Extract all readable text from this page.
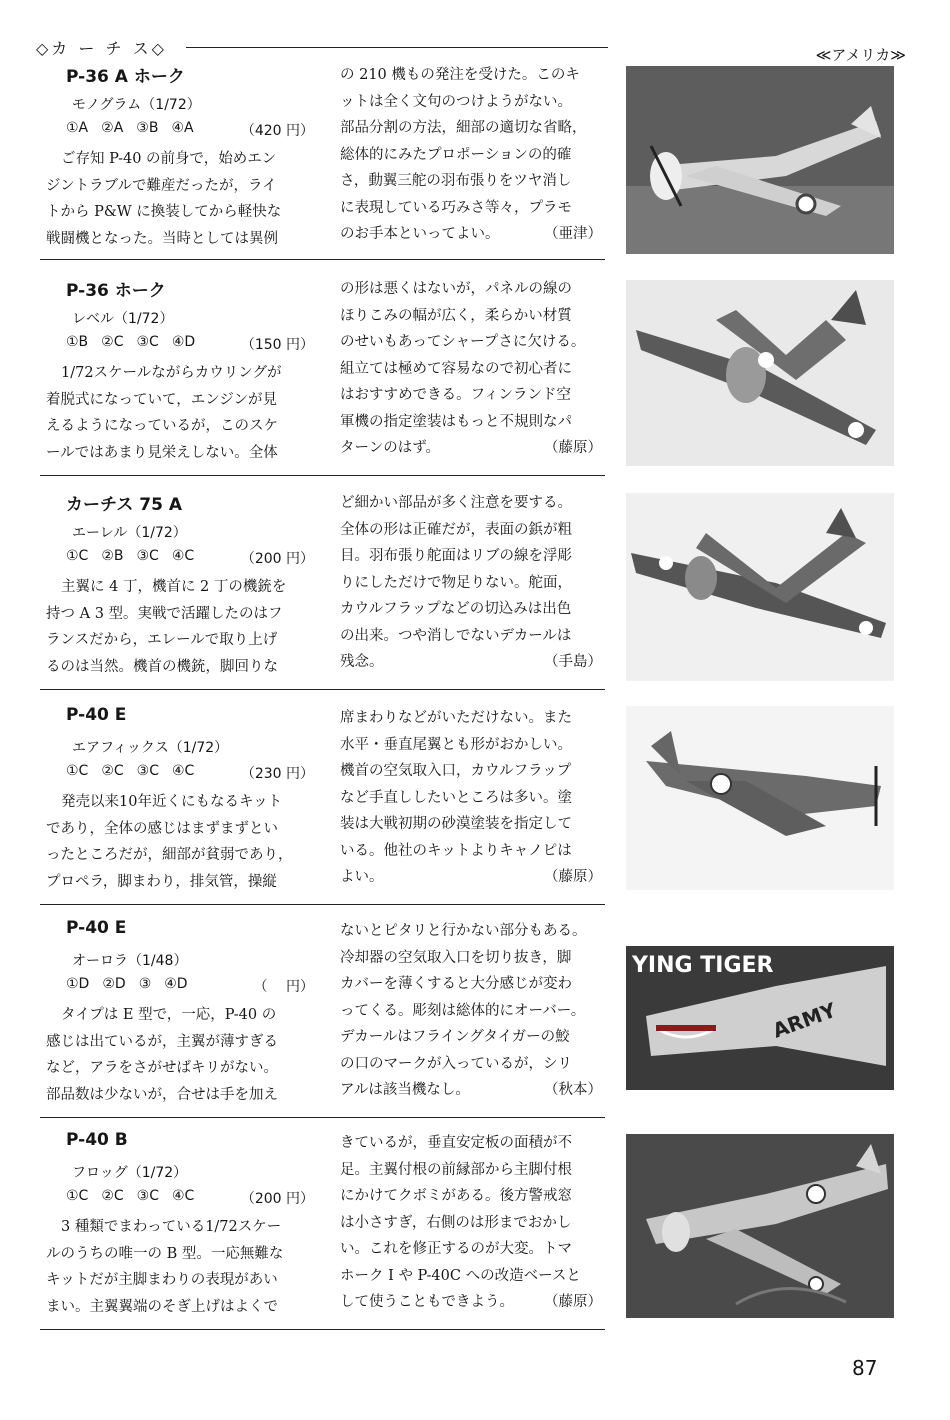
◇カ ー チ ス◇	≪アメリカ≫
P-36 A ホーク
モノグラム（1/72）
①A ②A ③B ④A	（420 円）
ご存知 P-40 の前身で，始めエン
ジントラブルで難産だったが，ライ
トから P&W に換装してから軽快な
戦闘機となった。当時としては異例
の 210 機もの発注を受けた。このキ
ットは全く文句のつけようがない。
部品分割の方法，細部の適切な省略，
総体的にみたプロポーションの的確
さ，動翼三舵の羽布張りをツヤ消し
に表現している巧みさ等々，プラモ
のお手本といってよい。	（亜津）
P-36 ホーク
レベル（1/72）
①B ②C ③C ④D	（150 円）
1/72スケールながらカウリングが
着脱式になっていて，エンジンが見
えるようになっているが，このスケ
ールではあまり見栄えしない。全体
の形は悪くはないが，パネルの線の
ほりこみの幅が広く，柔らかい材質
のせいもあってシャープさに欠ける。
組立ては極めて容易なので初心者に
はおすすめできる。フィンランド空
軍機の指定塗装はもっと不規則なパ
ターンのはず。	（藤原）
カーチス 75 A
エーレル（1/72）
①C ②B ③C ④C	（200 円）
主翼に 4 丁，機首に 2 丁の機銃を
持つ A 3 型。実戦で活躍したのはフ
ランスだから，エレールで取り上げ
るのは当然。機首の機銃，脚回りな
ど細かい部品が多く注意を要する。
全体の形は正確だが，表面の鋲が粗
目。羽布張り舵面はリブの線を浮彫
りにしただけで物足りない。舵面，
カウルフラップなどの切込みは出色
の出来。つや消しでないデカールは
残念。	（手島）
P-40 E
エアフィックス（1/72）
①C ②C ③C ④C	（230 円）
発売以来10年近くにもなるキット
であり，全体の感じはまずまずとい
ったところだが，細部が貧弱であり，
プロペラ，脚まわり，排気管，操縦
席まわりなどがいただけない。また
水平・垂直尾翼とも形がおかしい。
機首の空気取入口，カウルフラップ
など手直ししたいところは多い。塗
装は大戦初期の砂漠塗装を指定して
いる。他社のキットよりキャノピは
よい。	（藤原）
P-40 E
オーロラ（1/48）
①D ②D ③ ④D	（　 円）
タイプは E 型で，一応，P-40 の
感じは出ているが，主翼が薄すぎる
など，アラをさがせばキリがない。
部品数は少ないが，合せは手を加え
ないとピタリと行かない部分もある。
冷却器の空気取入口を切り抜き，脚
カバーを薄くすると大分感じが変わ
ってくる。彫刻は総体的にオーバー。
デカールはフライングタイガーの鮫
の口のマークが入っているが，シリ
アルは該当機なし。	（秋本）
P-40 B
フロッグ（1/72）
①C ②C ③C ④C	（200 円）
3 種類でまわっている1/72スケー
ルのうちの唯一の B 型。一応無難な
キットだが主脚まわりの表現があい
まい。主翼翼端のそぎ上げはよくで
きているが，垂直安定板の面積が不
足。主翼付根の前縁部から主脚付根
にかけてクボミがある。後方警戒窓
は小さすぎ，右側のは形までおかし
い。これを修正するのが大変。トマ
ホーク I や P-40C への改造ベースと
して使うこともできよう。 （藤原）
YING TIGER
ARMY
87
